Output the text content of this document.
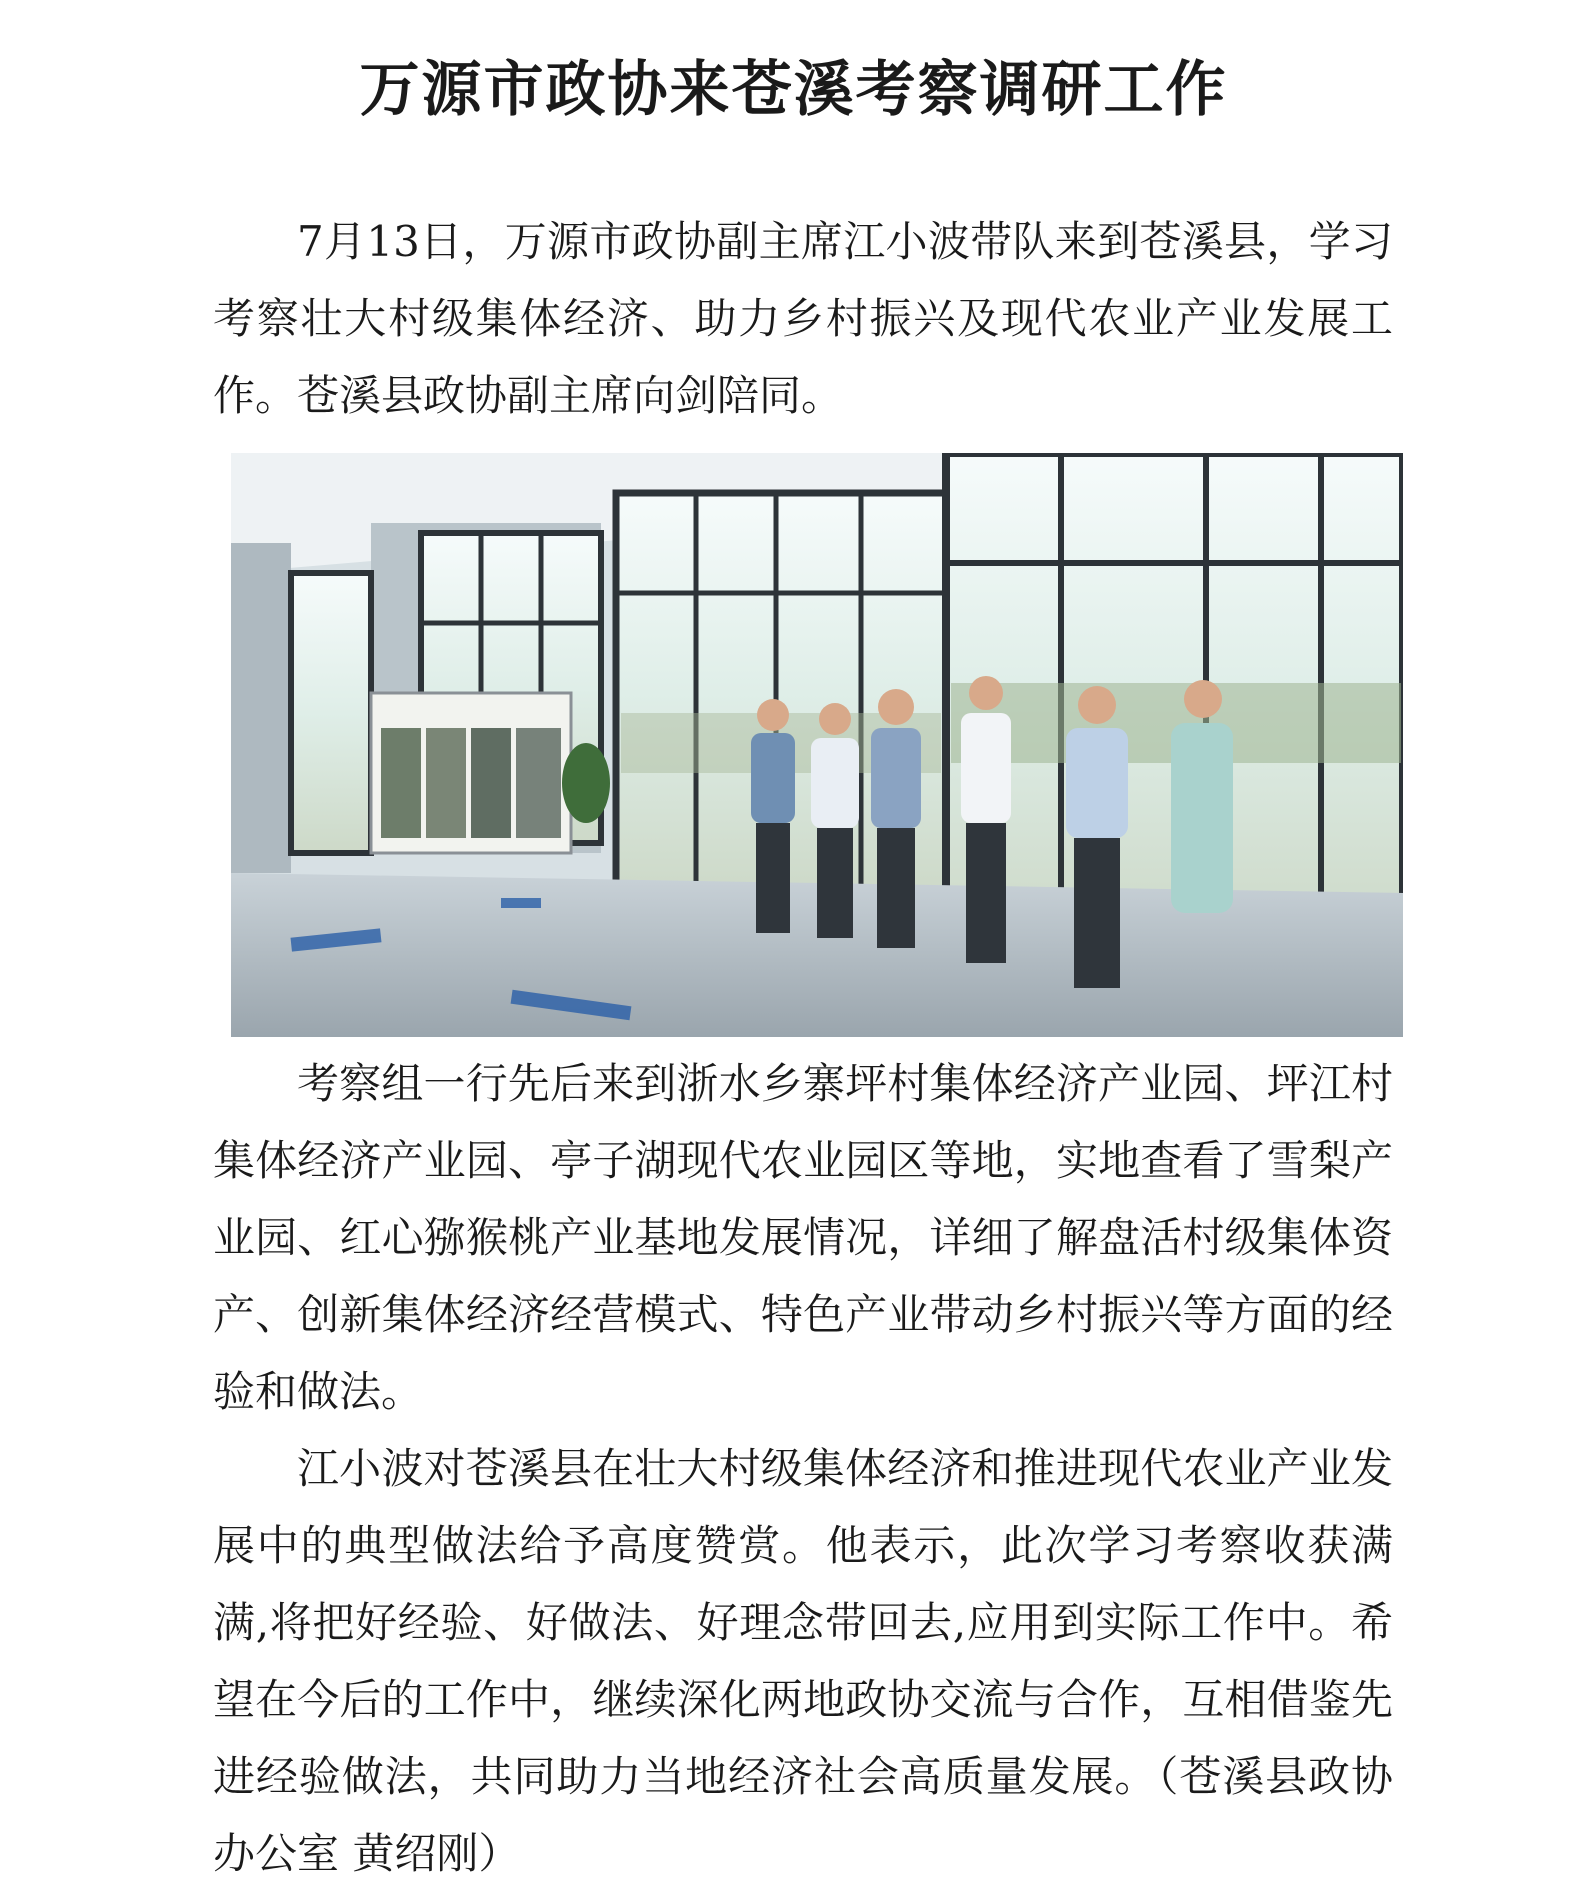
万源市政协来苍溪考察调研工作

7月13日，万源市政协副主席江小波带队来到苍溪县，学习考察壮大村级集体经济、助力乡村振兴及现代农业产业发展工作。苍溪县政协副主席向剑陪同。

考察组一行先后来到浙水乡寨坪村集体经济产业园、坪江村集体经济产业园、亭子湖现代农业园区等地，实地查看了雪梨产业园、红心猕猴桃产业基地发展情况，详细了解盘活村级集体资产、创新集体经济经营模式、特色产业带动乡村振兴等方面的经验和做法。

江小波对苍溪县在壮大村级集体经济和推进现代农业产业发展中的典型做法给予高度赞赏。他表示，此次学习考察收获满满,将把好经验、好做法、好理念带回去,应用到实际工作中。希望在今后的工作中，继续深化两地政协交流与合作，互相借鉴先进经验做法，共同助力当地经济社会高质量发展。（苍溪县政协办公室 黄绍刚）
